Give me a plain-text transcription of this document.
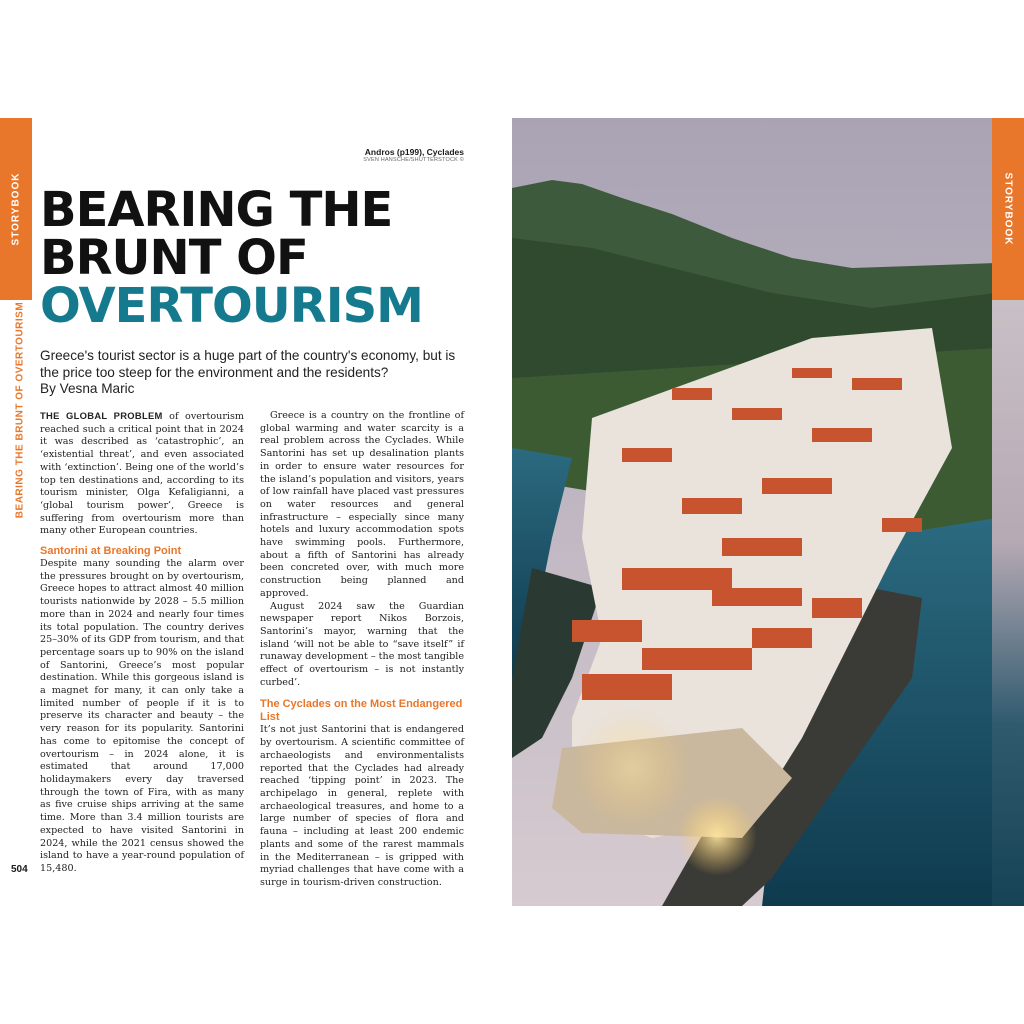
STORYBOOK
BEARING THE BRUNT OF OVERTOURISM
504
Andros (p199), Cyclades
SVEN HANSCHE/SHUTTERSTOCK ©
BEARING THE
BRUNT OF
OVERTOURISM
Greece's tourist sector is a huge part of the country's economy, but is the price too steep for the environment and the residents?
By Vesna Maric

THE GLOBAL PROBLEM of overtourism reached such a critical point that in 2024 it was described as ‘catastrophic’, an ‘existential threat’, and even associated with ‘extinction’. Being one of the world’s top ten destinations and, according to its tourism minister, Olga Kefaligianni, a ‘global tourism power’, Greece is suffering from overtourism more than many other European countries.

Santorini at Breaking Point

Despite many sounding the alarm over the pressures brought on by overtourism, Greece hopes to attract almost 40 million tourists nationwide by 2028 – 5.5 million more than in 2024 and nearly four times its total population. The country derives 25–30% of its GDP from tourism, and that percentage soars up to 90% on the island of Santorini, Greece’s most popular destination. While this gorgeous island is a magnet for many, it can only take a limited number of people if it is to preserve its character and beauty – the very reason for its popularity. Santorini has come to epitomise the concept of overtourism – in 2024 alone, it is estimated that around 17,000 holidaymakers every day traversed through the town of Fira, with as many as five cruise ships arriving at the same time. More than 3.4 million tourists are expected to have visited Santorini in 2024, while the 2021 census showed the island to have a year-round population of 15,480.

Greece is a country on the frontline of global warming and water scarcity is a real problem across the Cyclades. While Santorini has set up desalination plants in order to ensure water resources for the island’s population and visitors, years of low rainfall have placed vast pressures on water resources and general infrastructure – especially since many hotels and luxury accommodation spots have swimming pools. Furthermore, about a fifth of Santorini has already been concreted over, with much more construction being planned and approved.

August 2024 saw the Guardian newspaper report Nikos Borzois, Santorini’s mayor, warning that the island ‘will not be able to “save itself” if runaway development – the most tangible effect of overtourism – is not instantly curbed’.

The Cyclades on the Most Endangered List

It’s not just Santorini that is endangered by overtourism. A scientific committee of archaeologists and environmentalists reported that the Cyclades had already reached ‘tipping point’ in 2023. The archipelago in general, replete with archaeological treasures, and home to a large number of species of flora and fauna – including at least 200 endemic plants and some of the rarest mammals in the Mediterranean – is gripped with myriad challenges that have come with a surge in tourism-driven construction.

STORYBOOK
